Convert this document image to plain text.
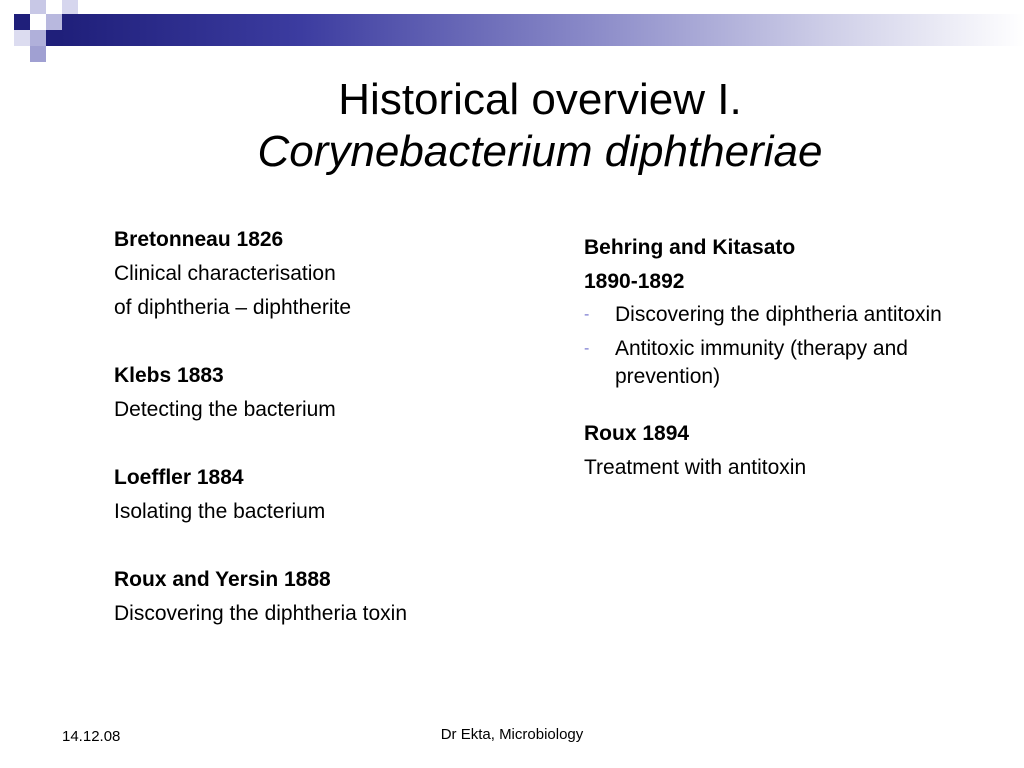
Historical overview I.
Corynebacterium diphtheriae
Bretonneau 1826
Clinical characterisation
of diphtheria – diphtherite
Klebs 1883
Detecting the bacterium
Loeffler 1884
Isolating the bacterium
Roux and Yersin 1888
Discovering the diphtheria toxin
Behring and Kitasato
1890-1892
- Discovering the diphtheria antitoxin
- Antitoxic immunity (therapy and prevention)
Roux 1894
Treatment with antitoxin
14.12.08	Dr Ekta, Microbiology
